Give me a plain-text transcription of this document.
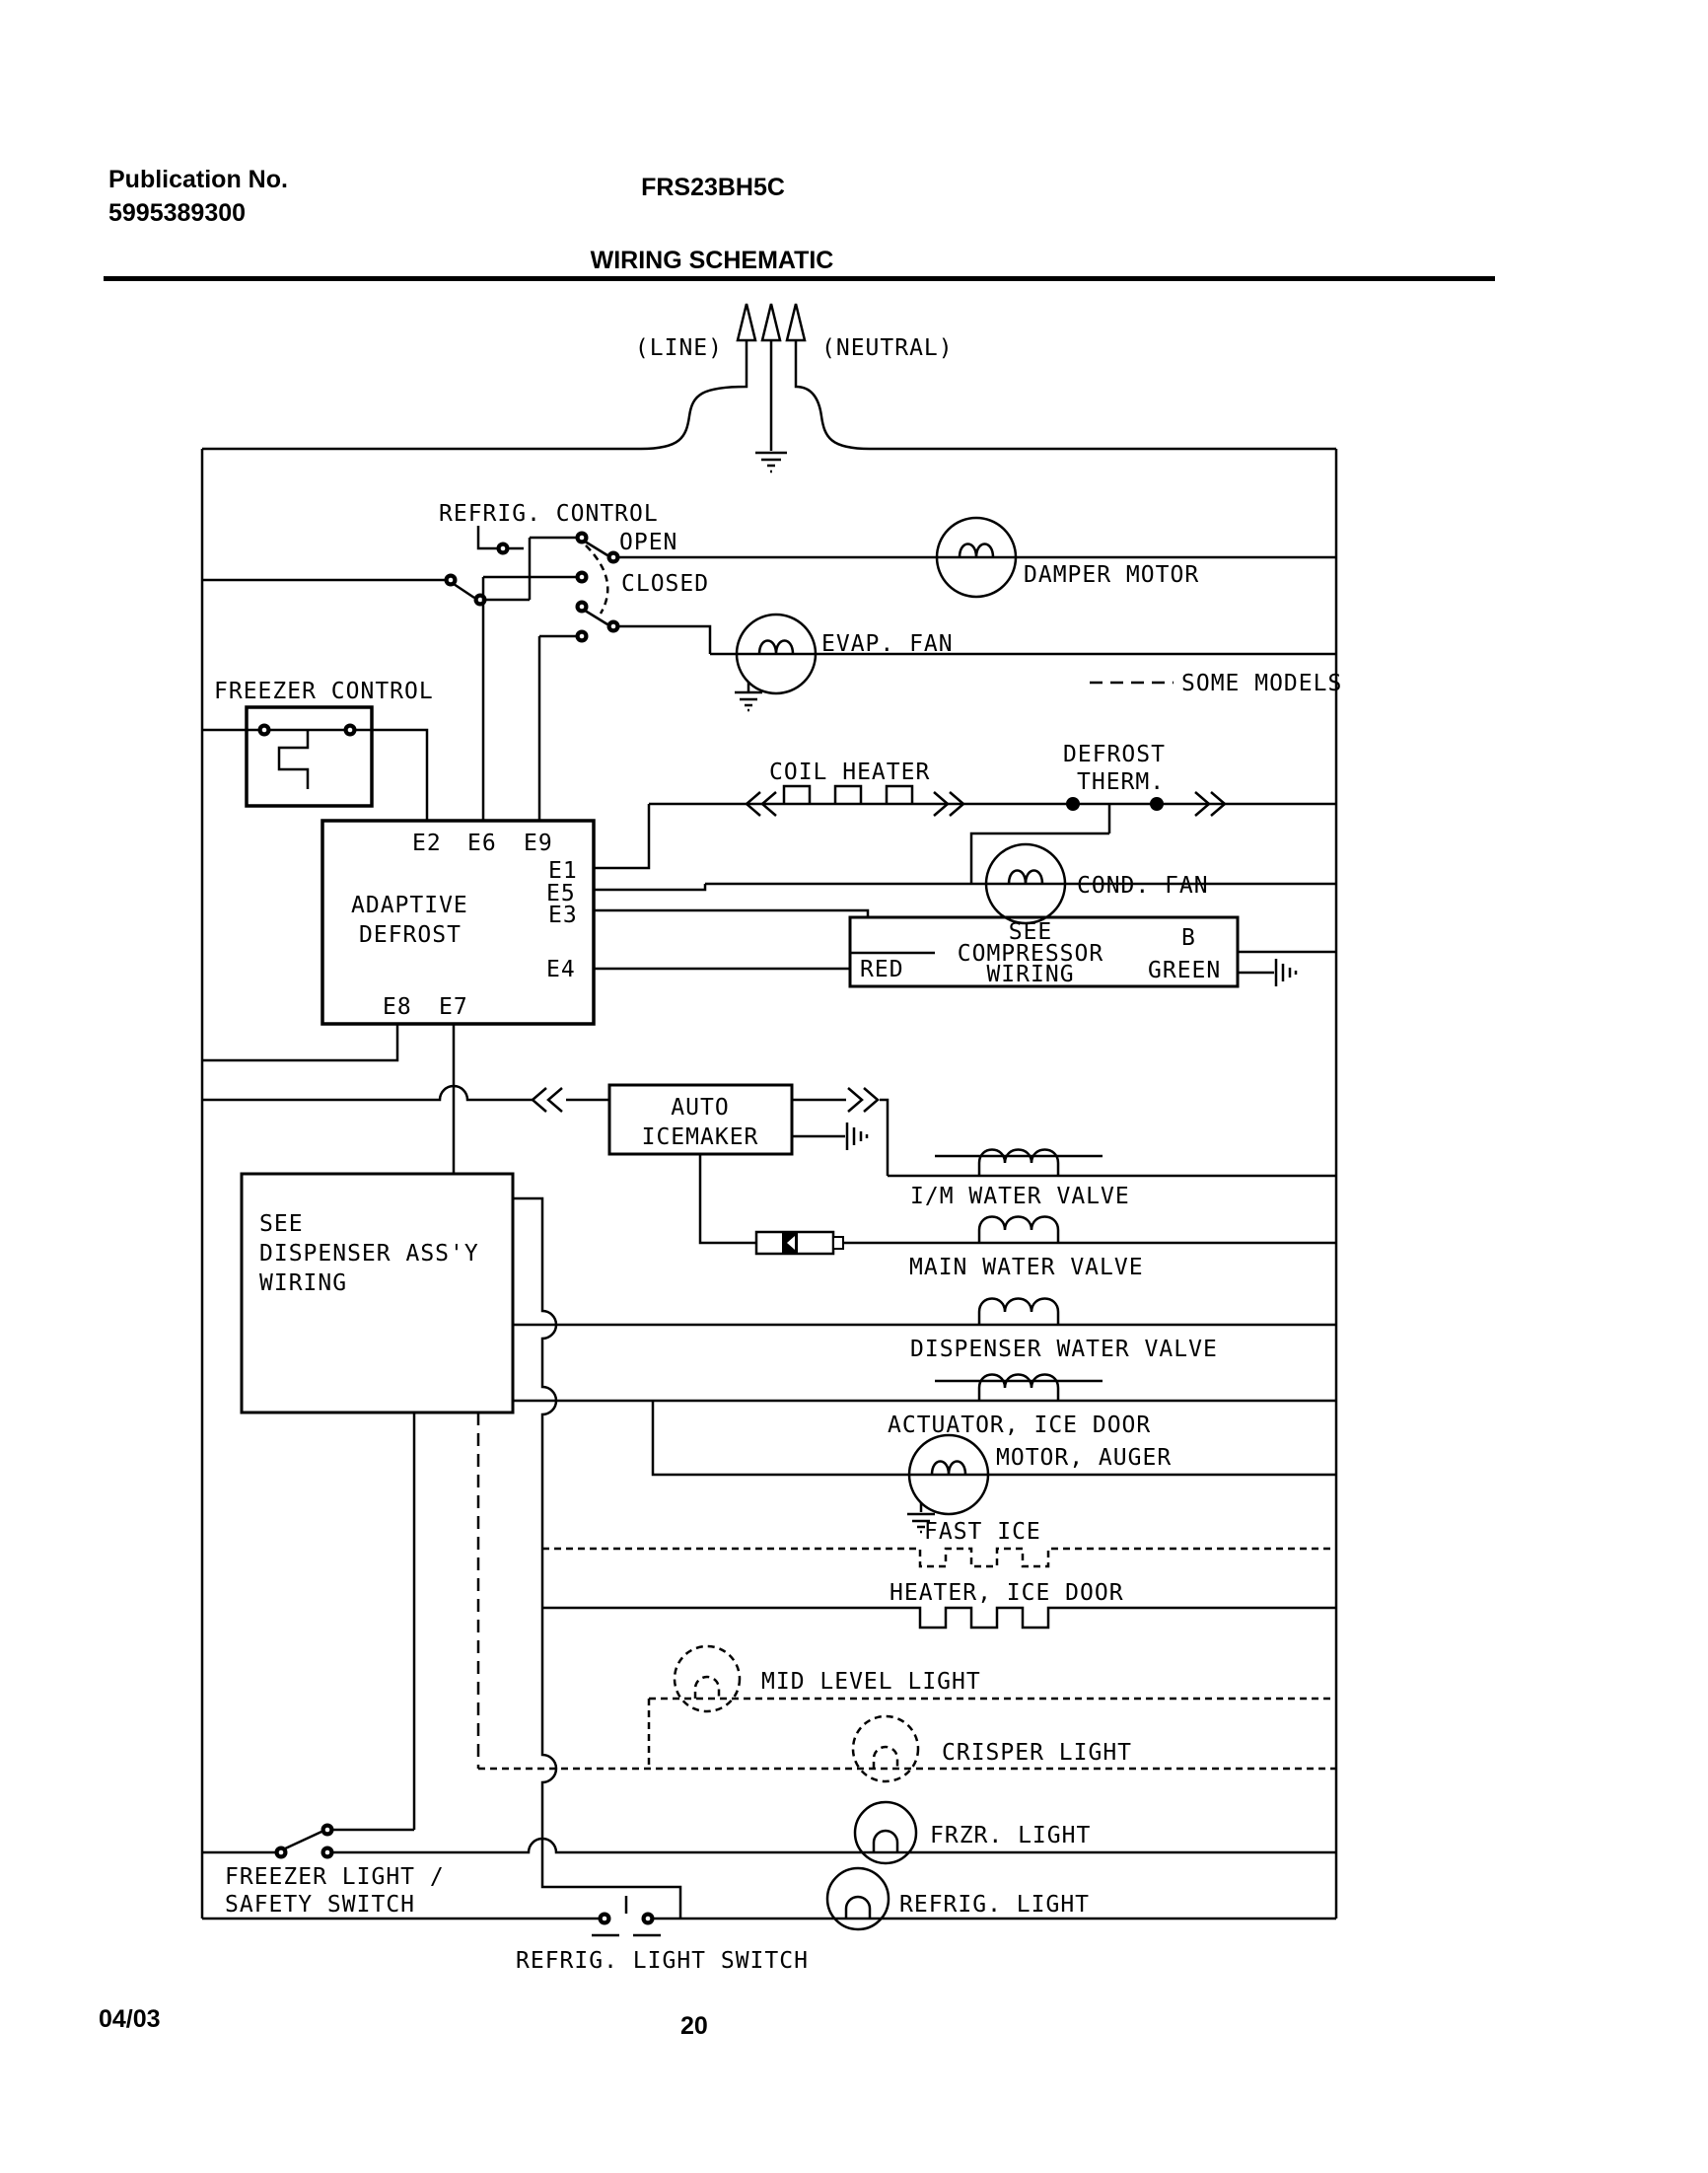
Publication No.
5995389300
FRS23BH5C
WIRING SCHEMATIC
(LINE)	(NEUTRAL)
REFRIG. CONTROL
OPEN
CLOSED	DAMPER MOTOR
EVAP. FAN
SOME MODELS
FREEZER CONTROL
ADAPTIVE
DEFROST
E2 E6 E9
E1
E5
E3
E4
E8 E7
COIL HEATER
DEFROST
THERM.
COND. FAN
SEE
COMPRESSOR
WIRING
RED
B
GREEN
AUTO
ICEMAKER
I/M WATER VALVE
MAIN WATER VALVE
SEE
DISPENSER ASS'Y
WIRING
DISPENSER WATER VALVE
ACTUATOR, ICE DOOR
MOTOR, AUGER
FAST ICE
HEATER, ICE DOOR
MID LEVEL LIGHT
CRISPER LIGHT
FRZR. LIGHT
FREEZER LIGHT /
SAFETY SWITCH	REFRIG. LIGHT
REFRIG. LIGHT SWITCH
04/03	20
